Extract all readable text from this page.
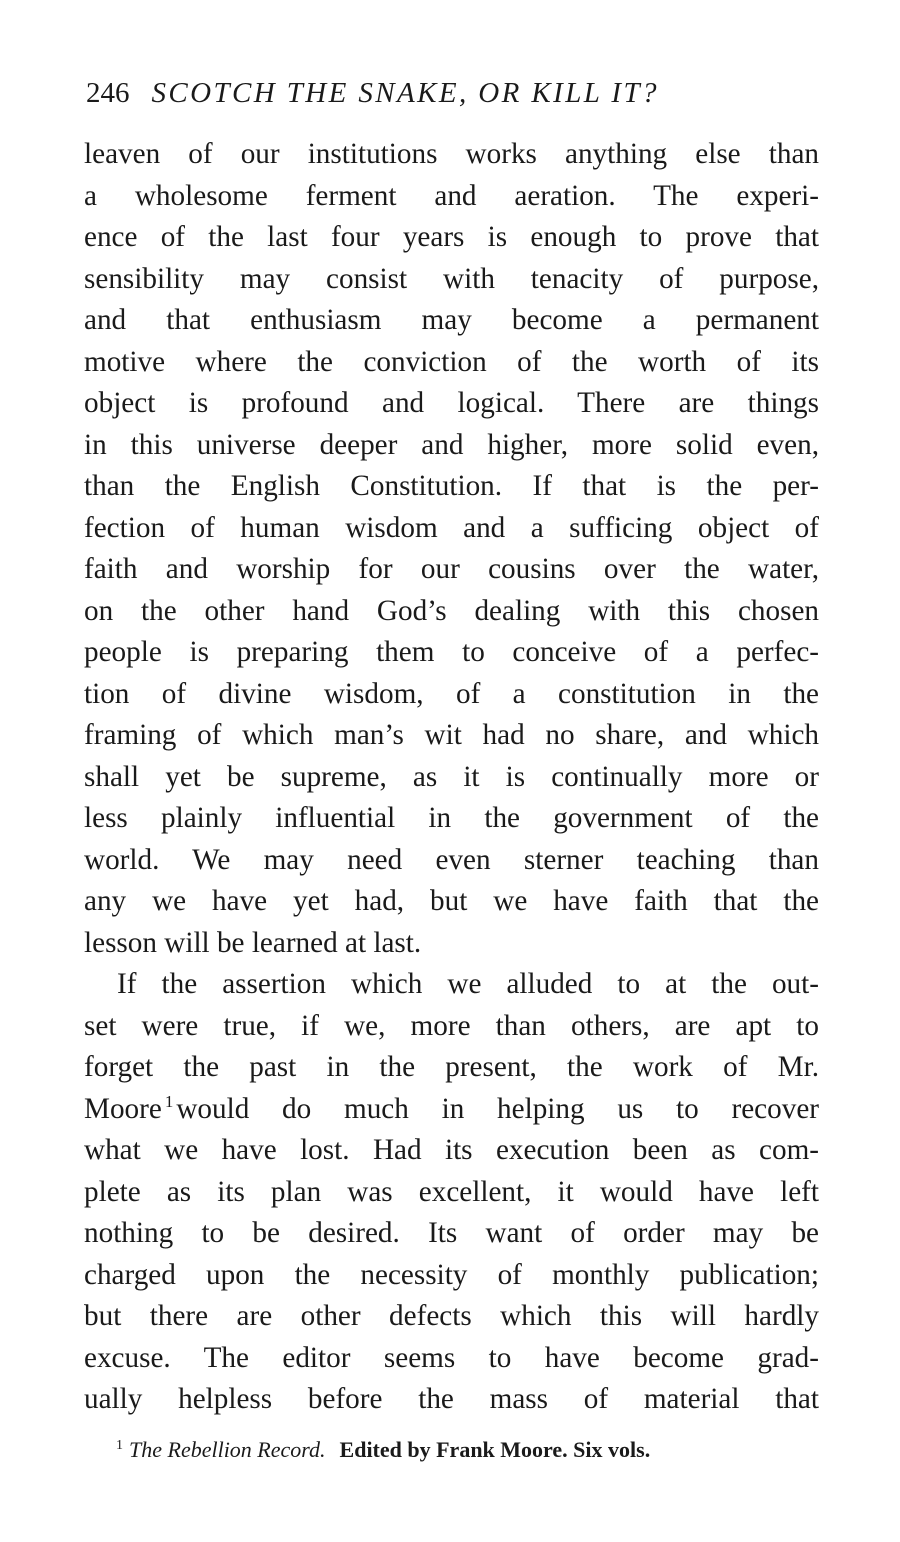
246 SCOTCH THE SNAKE, OR KILL IT?
leaven of our institutions works anything else than
a wholesome ferment and aeration. The experi-
ence of the last four years is enough to prove that
sensibility may consist with tenacity of purpose,
and that enthusiasm may become a permanent
motive where the conviction of the worth of its
object is profound and logical. There are things
in this universe deeper and higher, more solid even,
than the English Constitution. If that is the per-
fection of human wisdom and a sufficing object of
faith and worship for our cousins over the water,
on the other hand God’s dealing with this chosen
people is preparing them to conceive of a perfec-
tion of divine wisdom, of a constitution in the
framing of which man’s wit had no share, and which
shall yet be supreme, as it is continually more or
less plainly influential in the government of the
world. We may need even sterner teaching than
any we have yet had, but we have faith that the
lesson will be learned at last.
If the assertion which we alluded to at the out-
set were true, if we, more than others, are apt to
forget the past in the present, the work of Mr.
Moore $^1$ would do much in helping us to recover
what we have lost. Had its execution been as com-
plete as its plan was excellent, it would have left
nothing to be desired. Its want of order may be
charged upon the necessity of monthly publication;
but there are other defects which this will hardly
excuse. The editor seems to have become grad-
ually helpless before the mass of material that
$^1$ The Rebellion Record. Edited by Frank Moore. Six vols.
